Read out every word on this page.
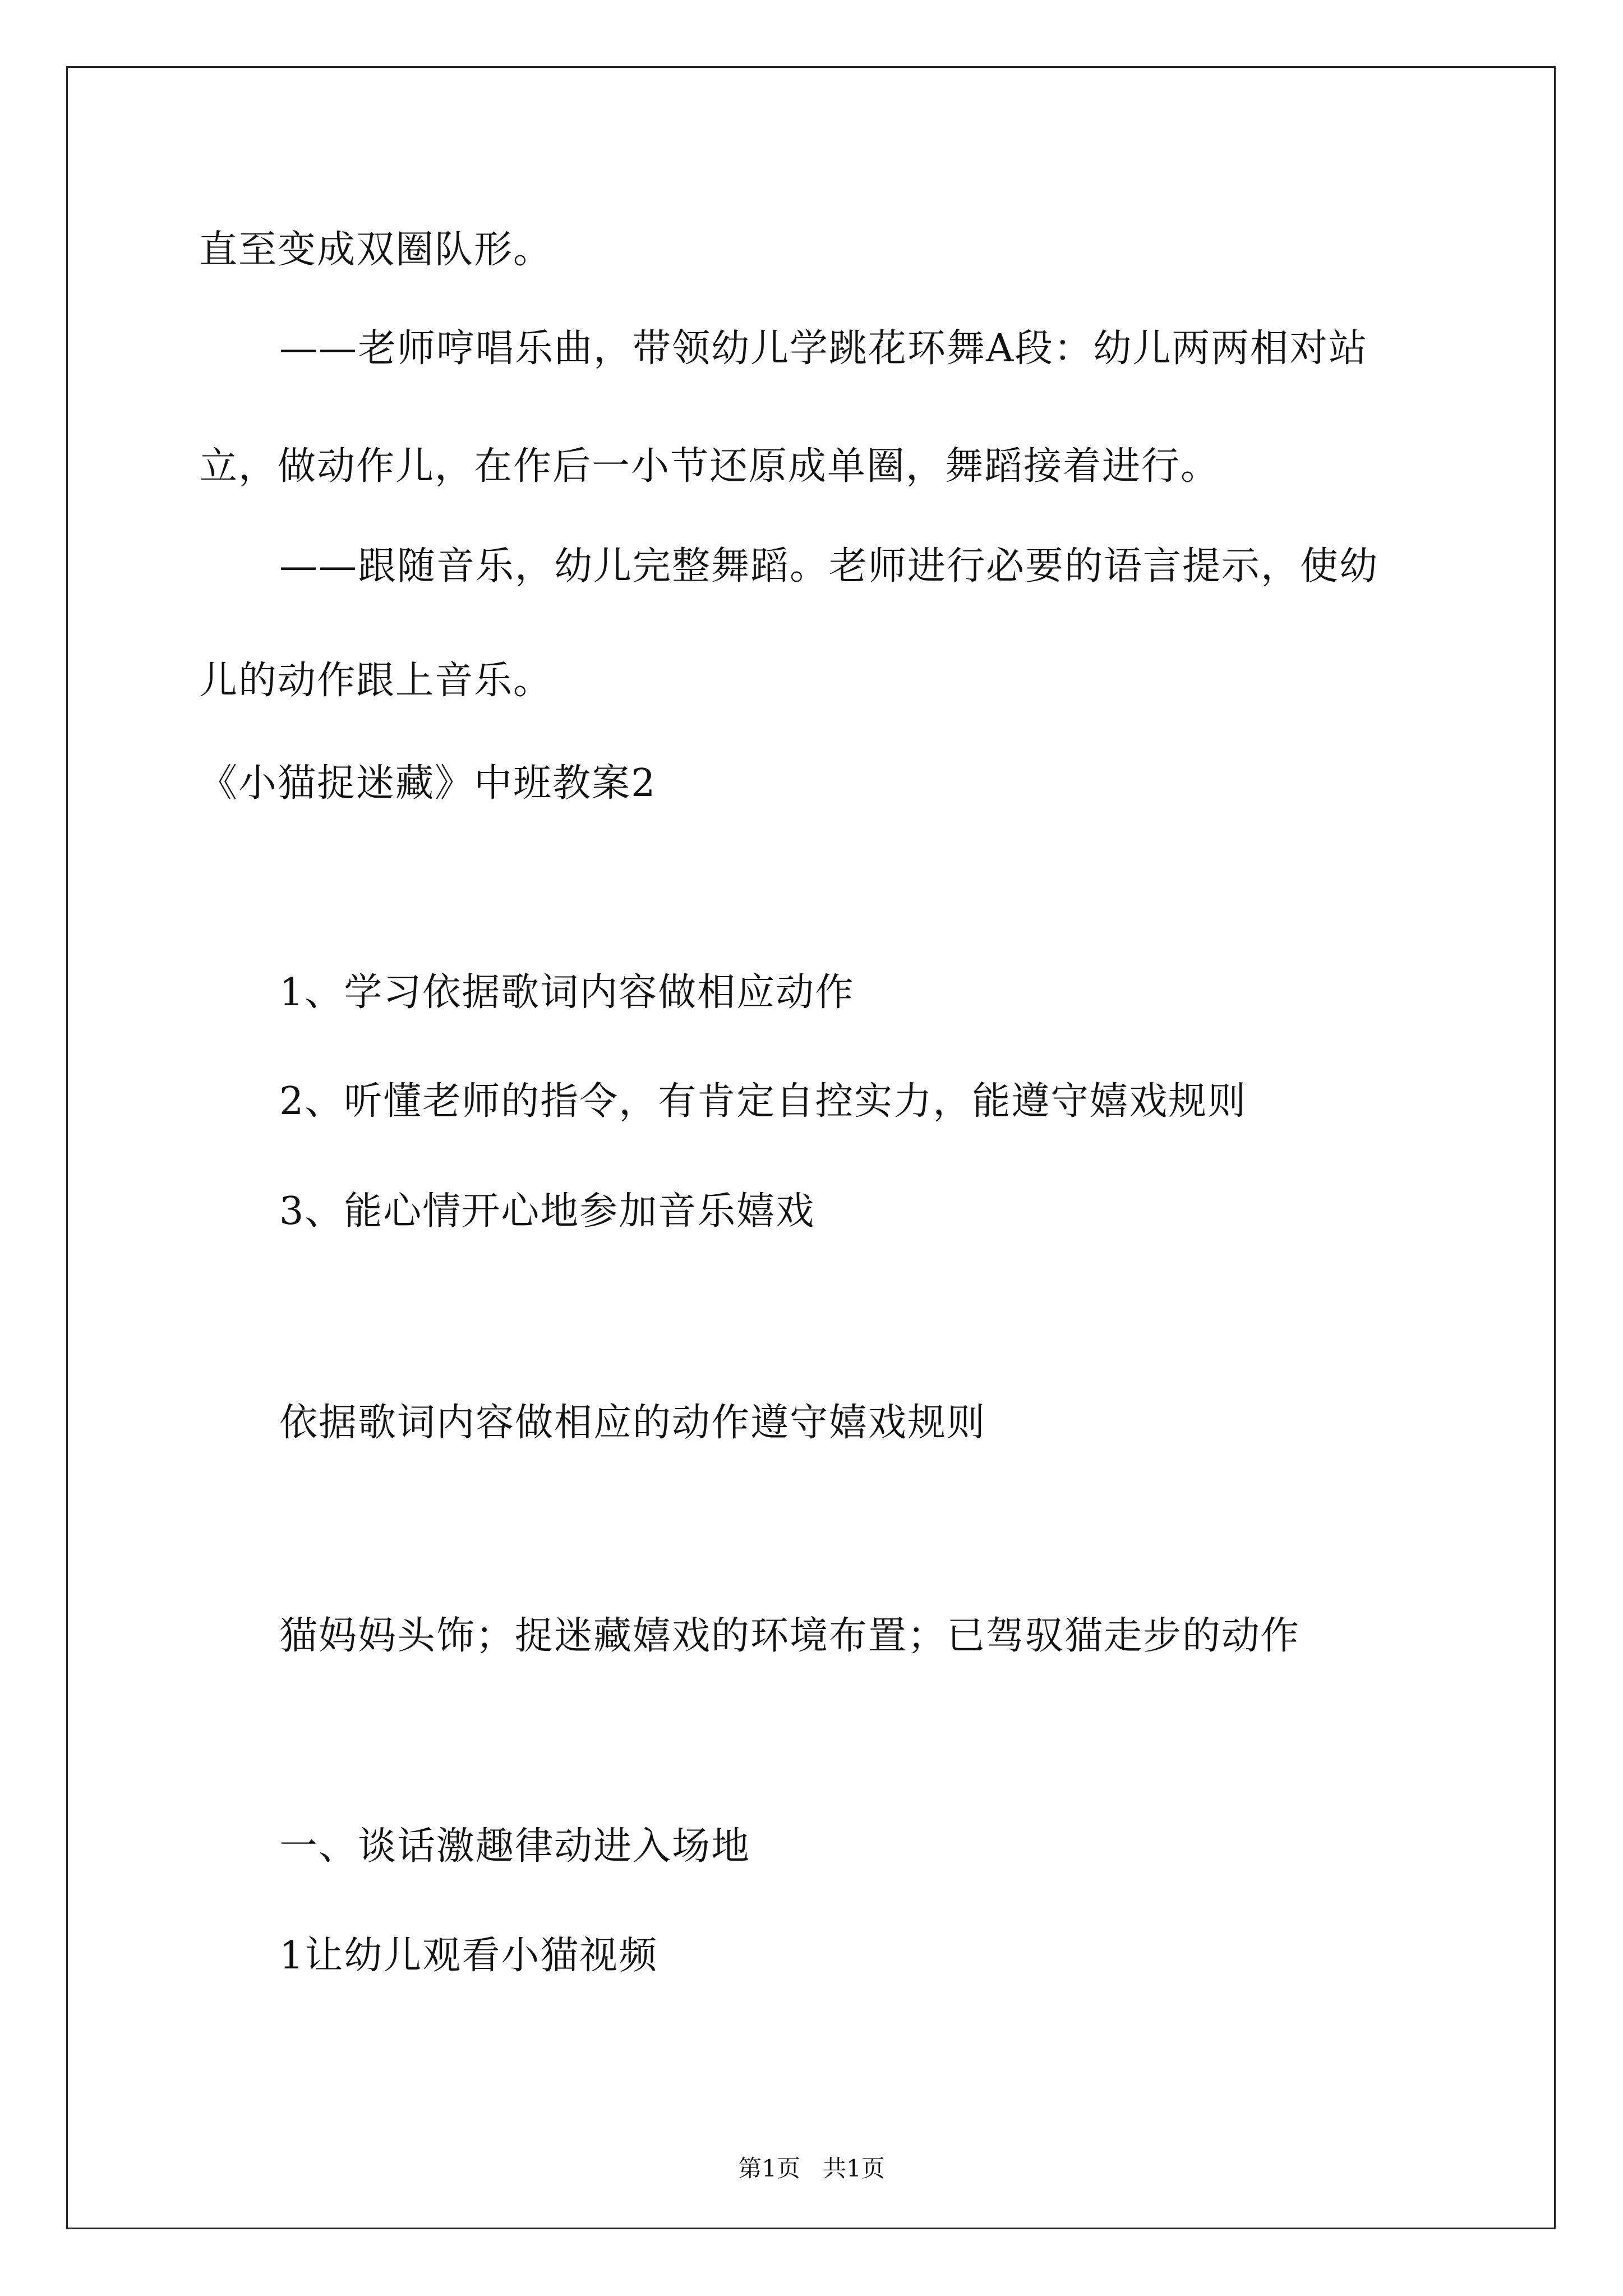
直至变成双圈队形。
——老师哼唱乐曲，带领幼儿学跳花环舞A段：幼儿两两相对站
立，做动作儿，在作后一小节还原成单圈，舞蹈接着进行。
——跟随音乐，幼儿完整舞蹈。老师进行必要的语言提示，使幼
儿的动作跟上音乐。
《小猫捉迷藏》中班教案2
1、学习依据歌词内容做相应动作
2、听懂老师的指令，有肯定自控实力，能遵守嬉戏规则
3、能心情开心地参加音乐嬉戏
依据歌词内容做相应的动作遵守嬉戏规则
猫妈妈头饰；捉迷藏嬉戏的环境布置；已驾驭猫走步的动作
一、谈话激趣律动进入场地
1让幼儿观看小猫视频
第1页   共1页
